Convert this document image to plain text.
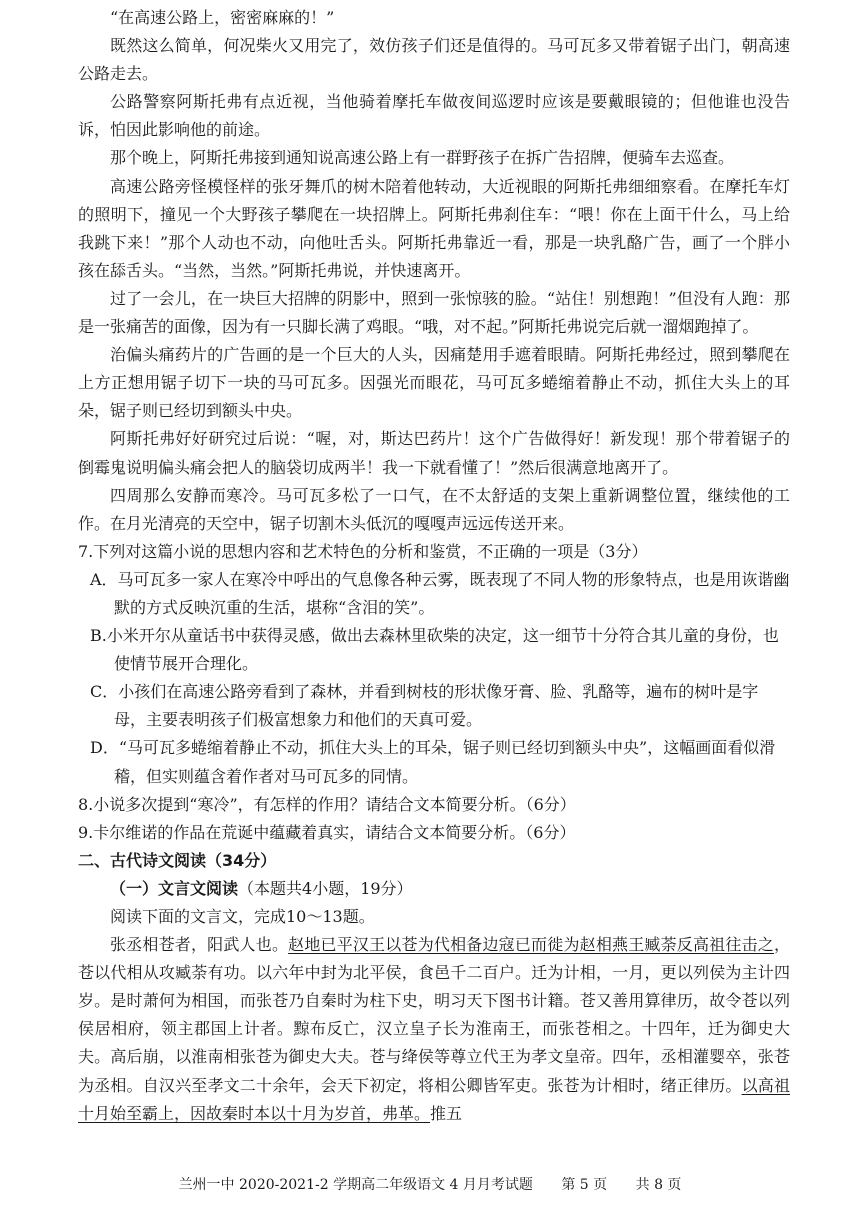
“在高速公路上，密密麻麻的！”

既然这么简单，何况柴火又用完了，效仿孩子们还是值得的。马可瓦多又带着锯子出门，朝高速公路走去。

公路警察阿斯托弗有点近视，当他骑着摩托车做夜间巡逻时应该是要戴眼镜的；但他谁也没告诉，怕因此影响他的前途。

那个晚上，阿斯托弗接到通知说高速公路上有一群野孩子在拆广告招牌，便骑车去巡查。

高速公路旁怪模怪样的张牙舞爪的树木陪着他转动，大近视眼的阿斯托弗细细察看。在摩托车灯的照明下，撞见一个大野孩子攀爬在一块招牌上。阿斯托弗刹住车：“喂！你在上面干什么，马上给我跳下来！”那个人动也不动，向他吐舌头。阿斯托弗靠近一看，那是一块乳酪广告，画了一个胖小孩在舔舌头。“当然，当然。”阿斯托弗说，并快速离开。

过了一会儿，在一块巨大招牌的阴影中，照到一张惊骇的脸。“站住！别想跑！”但没有人跑：那是一张痛苦的面像，因为有一只脚长满了鸡眼。“哦，对不起。”阿斯托弗说完后就一溜烟跑掉了。

治偏头痛药片的广告画的是一个巨大的人头，因痛楚用手遮着眼睛。阿斯托弗经过，照到攀爬在上方正想用锯子切下一块的马可瓦多。因强光而眼花，马可瓦多蜷缩着静止不动，抓住大头上的耳朵，锯子则已经切到额头中央。

阿斯托弗好好研究过后说：“喔，对，斯达巴药片！这个广告做得好！新发现！那个带着锯子的倒霉鬼说明偏头痛会把人的脑袋切成两半！我一下就看懂了！”然后很满意地离开了。

四周那么安静而寒冷。马可瓦多松了一口气，在不太舒适的支架上重新调整位置，继续他的工作。在月光清亮的天空中，锯子切割木头低沉的嘎嘎声远远传送开来。

7.下列对这篇小说的思想内容和艺术特色的分析和鉴赏，不正确的一项是（3分）

A．马可瓦多一家人在寒冷中呼出的气息像各种云雾，既表现了不同人物的形象特点，也是用诙谐幽默的方式反映沉重的生活，堪称“含泪的笑”。

B.小米开尔从童话书中获得灵感，做出去森林里砍柴的决定，这一细节十分符合其儿童的身份，也使情节展开合理化。

C．小孩们在高速公路旁看到了森林，并看到树枝的形状像牙膏、脸、乳酪等，遍布的树叶是字母，主要表明孩子们极富想象力和他们的天真可爱。

D．“马可瓦多蜷缩着静止不动，抓住大头上的耳朵，锯子则已经切到额头中央”，这幅画面看似滑稽，但实则蕴含着作者对马可瓦多的同情。

8.小说多次提到“寒冷”，有怎样的作用？请结合文本简要分析。（6分）

9.卡尔维诺的作品在荒诞中蕴藏着真实，请结合文本简要分析。（6分）

二、古代诗文阅读（34分）

（一）文言文阅读（本题共4小题，19分）

阅读下面的文言文，完成10～13题。

张丞相苍者，阳武人也。赵地已平汉王以苍为代相备边寇已而徙为赵相燕王臧荼反高祖往击之，苍以代相从攻臧荼有功。以六年中封为北平侯，食邑千二百户。迁为计相，一月，更以列侯为主计四岁。是时萧何为相国，而张苍乃自秦时为柱下史，明习天下图书计籍。苍又善用算律历，故令苍以列侯居相府，领主郡国上计者。黥布反亡，汉立皇子长为淮南王，而张苍相之。十四年，迁为御史大夫。高后崩，以淮南相张苍为御史大夫。苍与绛侯等尊立代王为孝文皇帝。四年，丞相灌婴卒，张苍为丞相。自汉兴至孝文二十余年，会天下初定，将相公卿皆军吏。张苍为计相时，绪正律历。以高祖十月始至霸上，因故秦时本以十月为岁首，弗革。推五

兰州一中 2020-2021-2 学期高二年级语文 4 月月考试题 第 5 页 共 8 页
